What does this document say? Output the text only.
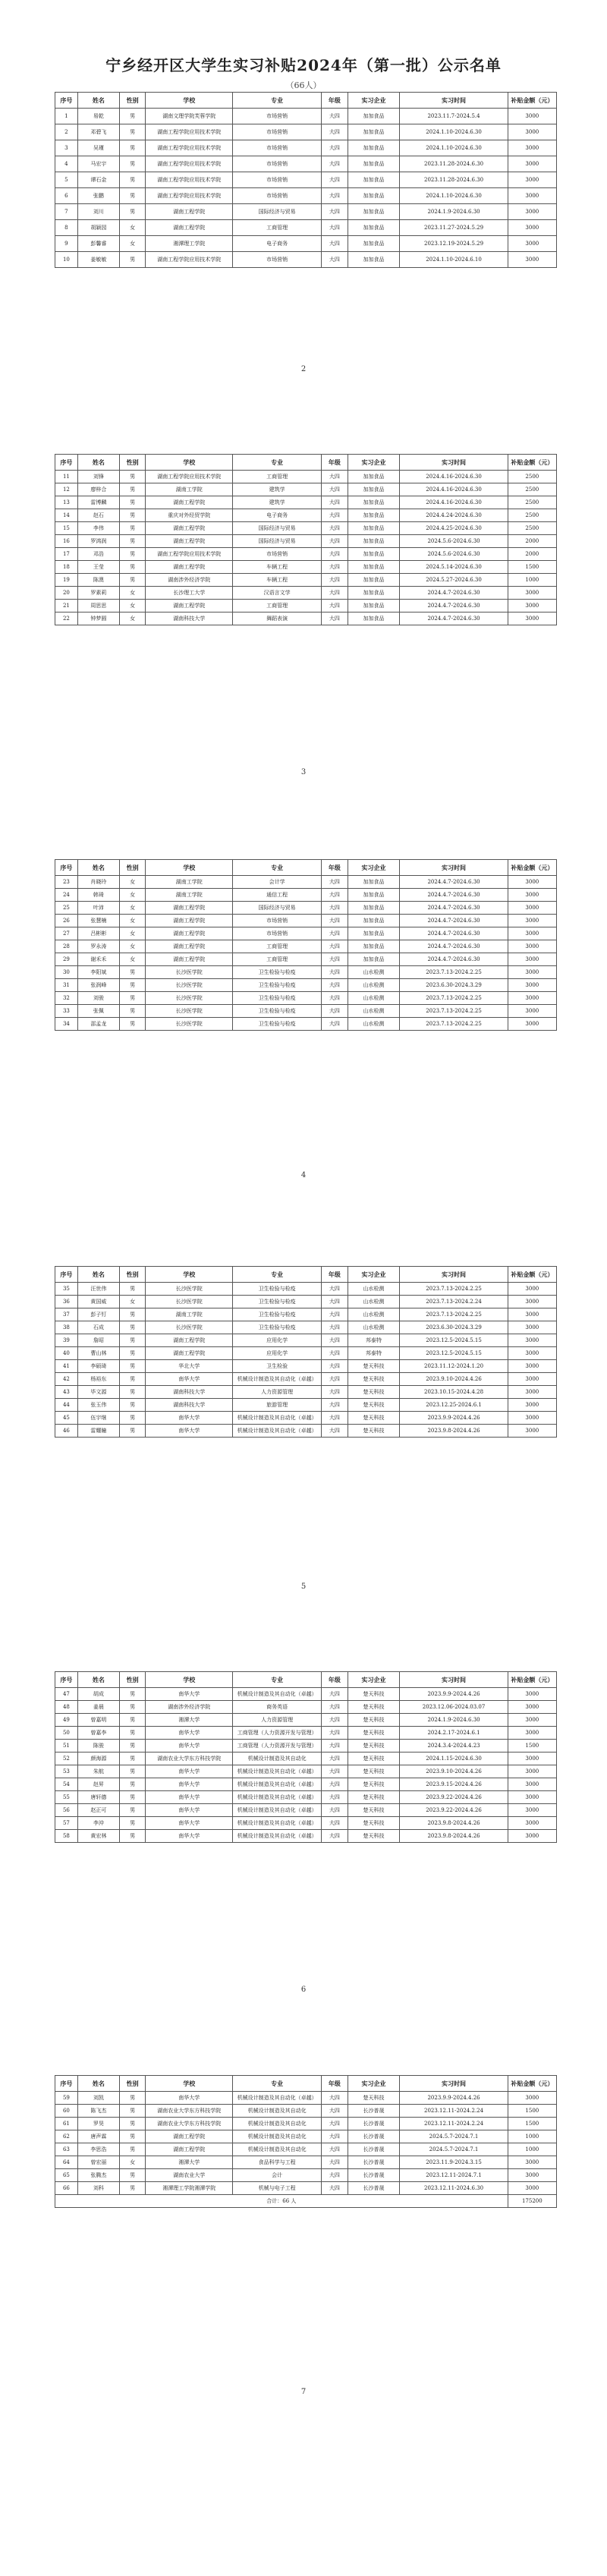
宁乡经开区大学生实习补贴2024年（第一批）公示名单
（66人）
序号	姓名	性别	学校	专业	年级	实习企业	实习时间	补贴金额（元）
1	易乾	男	湖南文理学院芙蓉学院	市场营销	大四	加加食品	2023.11.7-2024.5.4	3000
2	邓碧飞	男	湖南工程学院应用技术学院	市场营销	大四	加加食品	2024.1.10-2024.6.30	3000
3	吴瑾	男	湖南工程学院应用技术学院	市场营销	大四	加加食品	2024.1.10-2024.6.30	3000
4	马宏宇	男	湖南工程学院应用技术学院	市场营销	大四	加加食品	2023.11.28-2024.6.30	3000
5	谭石金	男	湖南工程学院应用技术学院	市场营销	大四	加加食品	2023.11.28-2024.6.30	3000
6	张鹏	男	湖南工程学院应用技术学院	市场营销	大四	加加食品	2024.1.10-2024.6.30	3000
7	刘川	男	湖南工程学院	国际经济与贸易	大四	加加食品	2024.1.9-2024.6.30	3000
8	胡颖园	女	湖南工程学院	工商管理	大四	加加食品	2023.11.27-2024.5.29	3000
9	彭馨睿	女	湘潭理工学院	电子商务	大四	加加食品	2023.12.19-2024.5.29	3000
10	姜敏敏	男	湖南工程学院应用技术学院	市场营销	大四	加加食品	2024.1.10-2024.6.10	3000
2
序号	姓名	性别	学校	专业	年级	实习企业	实习时间	补贴金额（元）
11	刘锋	男	湖南工程学院应用技术学院	工商管理	大四	加加食品	2024.4.16-2024.6.30	2500
12	廖梓合	男	湖南工学院	建筑学	大四	加加食品	2024.4.16-2024.6.30	2500
13	雷博麟	男	湖南工程学院	建筑学	大四	加加食品	2024.4.16-2024.6.30	2500
14	赵石	男	重庆对外经贸学院	电子商务	大四	加加食品	2024.4.24-2024.6.30	2500
15	李伟	男	湖南工程学院	国际经济与贸易	大四	加加食品	2024.4.25-2024.6.30	2500
16	罗鸿润	男	湖南工程学院	国际经济与贸易	大四	加加食品	2024.5.6-2024.6.30	2000
17	邓浩	男	湖南工程学院应用技术学院	市场营销	大四	加加食品	2024.5.6-2024.6.30	2000
18	王莹	男	湖南工程学院	车辆工程	大四	加加食品	2024.5.14-2024.6.30	1500
19	陈澳	男	湖南涉外经济学院	车辆工程	大四	加加食品	2024.5.27-2024.6.30	1000
20	罗素莉	女	长沙理工大学	汉语言文学	大四	加加食品	2024.4.7-2024.6.30	3000
21	周思思	女	湖南工程学院	工商管理	大四	加加食品	2024.4.7-2024.6.30	3000
22	钟梦圆	女	湖南科技大学	舞蹈表演	大四	加加食品	2024.4.7-2024.6.30	3000
3
序号	姓名	性别	学校	专业	年级	实习企业	实习时间	补贴金额（元）
23	肖晓玲	女	湖南工学院	会计学	大四	加加食品	2024.4.7-2024.6.30	3000
24	韩琦	女	湖南工学院	通信工程	大四	加加食品	2024.4.7-2024.6.30	3000
25	叶沛	女	湖南工程学院	国际经济与贸易	大四	加加食品	2024.4.7-2024.6.30	3000
26	张慧楠	女	湖南工程学院	市场营销	大四	加加食品	2024.4.7-2024.6.30	3000
27	吕彬彬	女	湖南工程学院	市场营销	大四	加加食品	2024.4.7-2024.6.30	3000
28	罗永涛	女	湖南工程学院	工商管理	大四	加加食品	2024.4.7-2024.6.30	3000
29	谢禾禾	女	湖南工程学院	工商管理	大四	加加食品	2024.4.7-2024.6.30	3000
30	李阳斌	男	长沙医学院	卫生检验与检疫	大四	山水检测	2023.7.13-2024.2.25	3000
31	张润峰	男	长沙医学院	卫生检验与检疫	大四	山水检测	2023.6.30-2024.3.29	3000
32	刘骏	男	长沙医学院	卫生检验与检疫	大四	山水检测	2023.7.13-2024.2.25	3000
33	张佩	男	长沙医学院	卫生检验与检疫	大四	山水检测	2023.7.13-2024.2.25	3000
34	邵孟龙	男	长沙医学院	卫生检验与检疫	大四	山水检测	2023.7.13-2024.2.25	3000
4
序号	姓名	性别	学校	专业	年级	实习企业	实习时间	补贴金额（元）
35	汪世伟	男	长沙医学院	卫生检验与检疫	大四	山水检测	2023.7.13-2024.2.25	3000
36	黄国威	女	长沙医学院	卫生检验与检疫	大四	山水检测	2023.7.13-2024.2.24	3000
37	彭子钉	男	湖南工学院	卫生检验与检疫	大四	山水检测	2023.7.13-2024.2.25	3000
38	石成	男	长沙医学院	卫生检验与检疫	大四	山水检测	2023.6.30-2024.3.29	3000
39	詹昭	男	湖南工程学院	应用化学	大四	邦泰特	2023.12.5-2024.5.15	3000
40	曹山林	男	湖南工程学院	应用化学	大四	邦泰特	2023.12.5-2024.5.15	3000
41	李硕琦	男	华北大学	卫生检验	大四	楚天科技	2023.11.12-2024.1.20	3000
42	杨裕东	男	南华大学	机械设计制造及其自动化（卓越）	大四	楚天科技	2023.9.10-2024.4.26	3000
43	毕文源	男	湖南科技大学	人力资源管理	大四	楚天科技	2023.10.15-2024.4.28	3000
44	张玉伟	男	湖南科技大学	旅游管理	大四	楚天科技	2023.12.25-2024.6.1	3000
45	伍宇继	男	南华大学	机械设计制造及其自动化（卓越）	大四	楚天科技	2023.9.9-2024.4.26	3000
46	雷耀瞳	男	南华大学	机械设计制造及其自动化（卓越）	大四	楚天科技	2023.9.8-2024.4.26	3000
5
序号	姓名	性别	学校	专业	年级	实习企业	实习时间	补贴金额（元）
47	胡成	男	南华大学	机械设计制造及其自动化（卓越）	大四	楚天科技	2023.9.9-2024.4.26	3000
48	姜晨	男	湖南涉外经济学院	商务英语	大四	楚天科技	2023.12.06-2024.03.07	3000
49	曾嘉明	男	湘潭大学	人力资源管理	大四	楚天科技	2024.1.9-2024.6.30	3000
50	曾嘉李	男	南华大学	工商管理（人力资源开发与管理）	大四	楚天科技	2024.2.17-2024.6.1	3000
51	陈骏	男	南华大学	工商管理（人力资源开发与管理）	大四	楚天科技	2024.3.4-2024.4.23	1500
52	颜海源	男	湖南农业大学东方科技学院	机械设计制造及其自动化	大四	楚天科技	2024.1.15-2024.6.30	3000
53	朱航	男	南华大学	机械设计制造及其自动化（卓越）	大四	楚天科技	2023.9.10-2024.4.26	3000
54	赵昇	男	南华大学	机械设计制造及其自动化（卓越）	大四	楚天科技	2023.9.15-2024.4.26	3000
55	唐轩德	男	南华大学	机械设计制造及其自动化（卓越）	大四	楚天科技	2023.9.22-2024.4.26	3000
56	赵正可	男	南华大学	机械设计制造及其自动化（卓越）	大四	楚天科技	2023.9.22-2024.4.26	3000
57	李沖	男	南华大学	机械设计制造及其自动化（卓越）	大四	楚天科技	2023.9.8-2024.4.26	3000
58	黄宏林	男	南华大学	机械设计制造及其自动化（卓越）	大四	楚天科技	2023.9.8-2024.4.26	3000
6
序号	姓名	性别	学校	专业	年级	实习企业	实习时间	补贴金额（元）
59	刘凯	男	南华大学	机械设计制造及其自动化（卓越）	大四	楚天科技	2023.9.9-2024.4.26	3000
60	陈飞杰	男	湖南农业大学东方科技学院	机械设计制造及其自动化	大四	长沙普晟	2023.12.11-2024.2.24	1500
61	罗昊	男	湖南农业大学东方科技学院	机械设计制造及其自动化	大四	长沙普晟	2023.12.11-2024.2.24	1500
62	唐声霖	男	湖南工程学院	机械设计制造及其自动化	大四	长沙普晟	2024.5.7-2024.7.1	1000
63	李思浩	男	湖南工程学院	机械设计制造及其自动化	大四	长沙普晟	2024.5.7-2024.7.1	1000
64	曾宏丽	女	湘潭大学	食品科学与工程	大四	长沙普晟	2023.11.9-2024.3.15	3000
65	张腾杰	男	湖南农业大学	会计	大四	长沙普晟	2023.12.11-2024.7.1	3000
66	刘科	男	湘潭理工学院湘潭学院	机械与电子工程	大四	长沙普晟	2023.12.11-2024.6.30	3000
合计：66 人								175200
7
